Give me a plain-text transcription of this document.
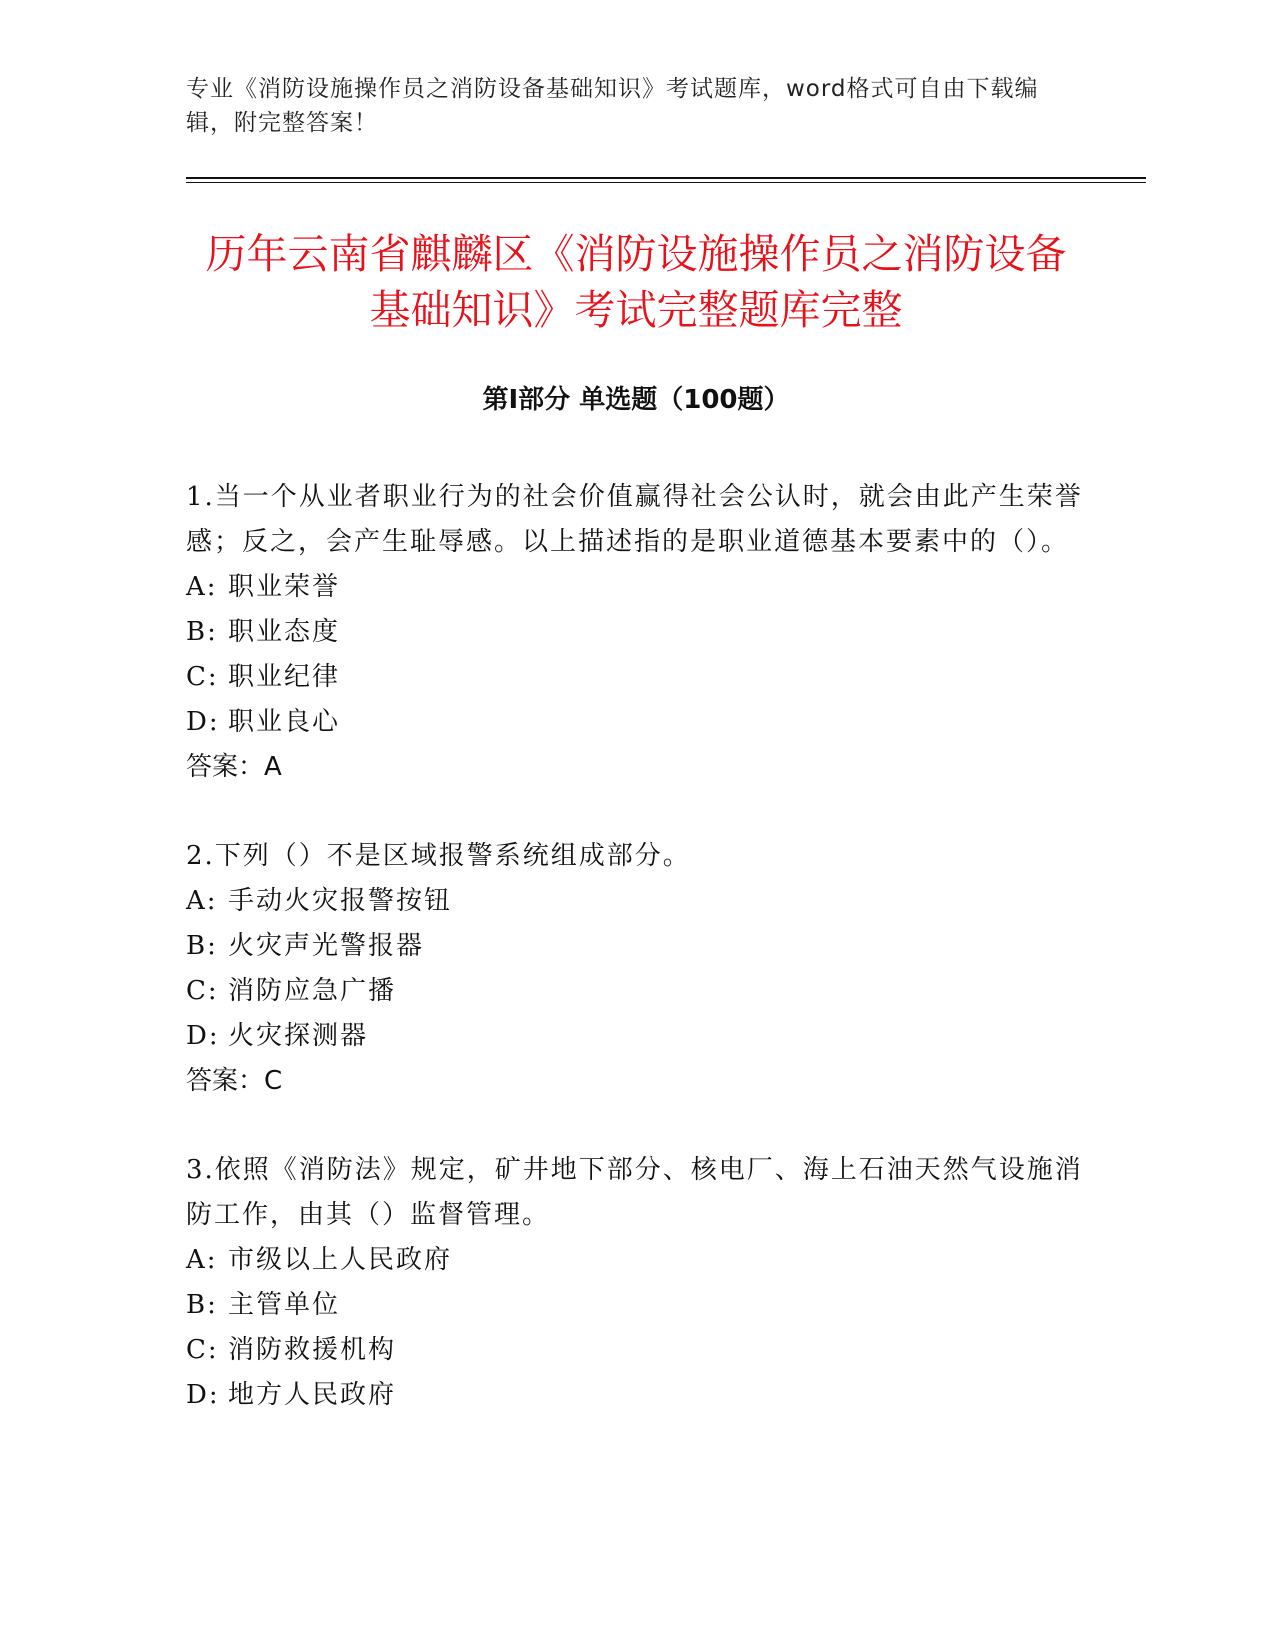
专业《消防设施操作员之消防设备基础知识》考试题库，word格式可自由下载编辑，附完整答案！
历年云南省麒麟区《消防设施操作员之消防设备基础知识》考试完整题库完整
第Ⅰ部分 单选题（100题）

1.当一个从业者职业行为的社会价值赢得社会公认时，就会由此产生荣誉感；反之，会产生耻辱感。以上描述指的是职业道德基本要素中的（）。

A: 职业荣誉

B: 职业态度

C: 职业纪律

D: 职业良心

答案：A

2.下列（）不是区域报警系统组成部分。

A: 手动火灾报警按钮

B: 火灾声光警报器

C: 消防应急广播

D: 火灾探测器

答案：C

3.依照《消防法》规定，矿井地下部分、核电厂、海上石油天然气设施消防工作，由其（）监督管理。

A: 市级以上人民政府

B: 主管单位

C: 消防救援机构

D: 地方人民政府
